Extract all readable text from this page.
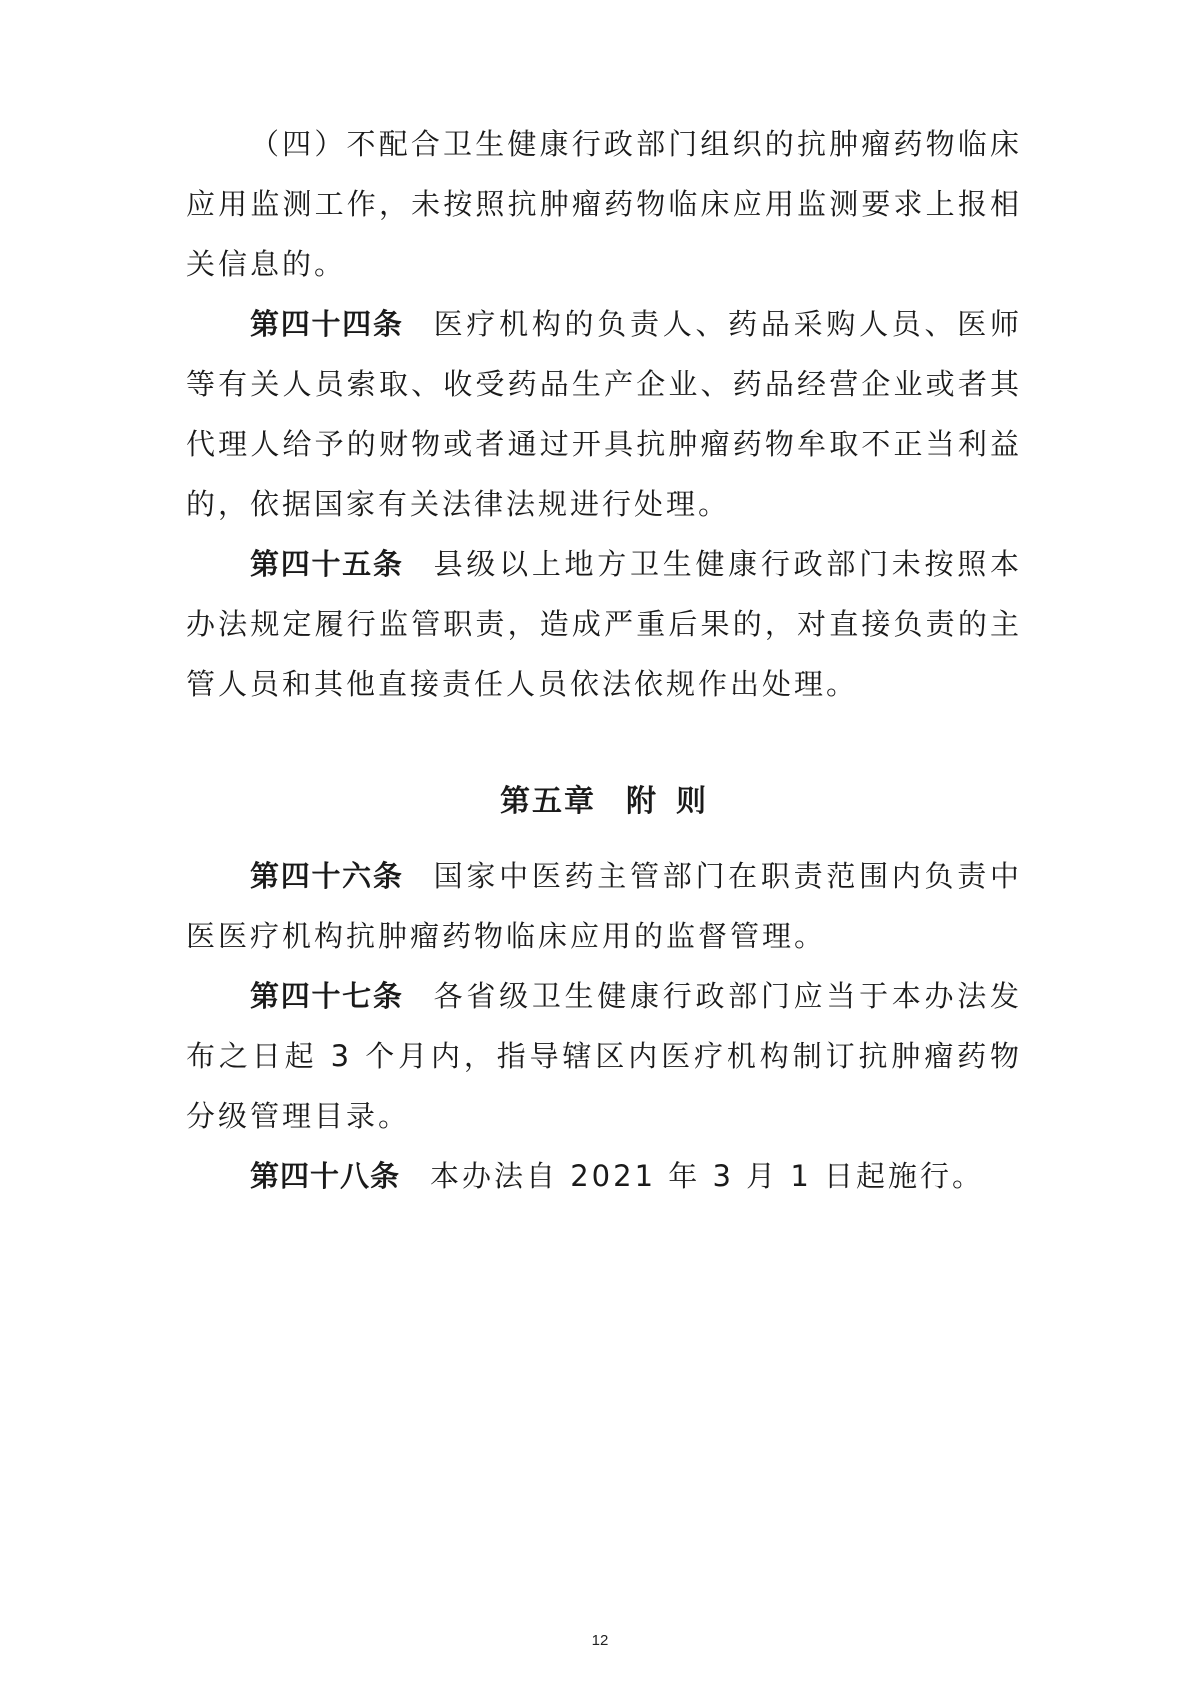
（四）不配合卫生健康行政部门组织的抗肿瘤药物临床应用监测工作，未按照抗肿瘤药物临床应用监测要求上报相关信息的。

第四十四条 医疗机构的负责人、药品采购人员、医师等有关人员索取、收受药品生产企业、药品经营企业或者其代理人给予的财物或者通过开具抗肿瘤药物牟取不正当利益的，依据国家有关法律法规进行处理。

第四十五条 县级以上地方卫生健康行政部门未按照本办法规定履行监管职责，造成严重后果的，对直接负责的主管人员和其他直接责任人员依法依规作出处理。

第五章 附 则

第四十六条 国家中医药主管部门在职责范围内负责中医医疗机构抗肿瘤药物临床应用的监督管理。

第四十七条 各省级卫生健康行政部门应当于本办法发布之日起 3 个月内，指导辖区内医疗机构制订抗肿瘤药物分级管理目录。

第四十八条 本办法自 2021 年 3 月 1 日起施行。

12
